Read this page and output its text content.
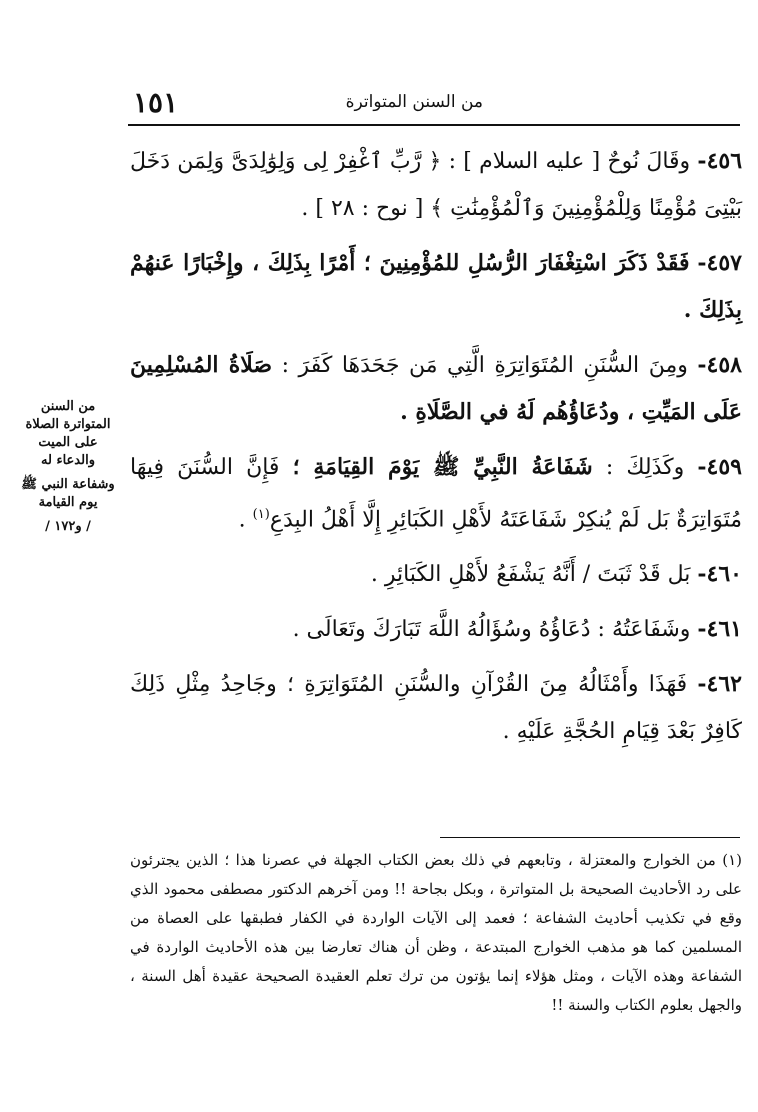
١٥١	من السنن المتواترة

٤٥٦- وقَالَ نُوحٌ [ عليه السلام ] : ﴿ رَّبِّ ٱغْفِرْ لِى وَلِوَٰلِدَىَّ وَلِمَن دَخَلَ بَيْتِىَ مُؤْمِنًا وَلِلْمُؤْمِنِينَ وَٱلْمُؤْمِنَٰتِ ﴾ [ نوح : ٢٨ ] .

٤٥٧- فَقَدْ ذَكَرَ اسْتِغْفَارَ الرُّسُلِ للمُؤْمِنِينَ ؛ أَمْرًا بِذَلِكَ ، وإِخْبَارًا عَنهُمْ بِذَلِكَ .

٤٥٨- ومِنَ السُّنَنِ المُتَوَاتِرَةِ الَّتِي مَن جَحَدَهَا كَفَرَ : صَلَاةُ المُسْلِمِينَ عَلَى المَيِّتِ ، ودُعَاؤُهُم لَهُ في الصَّلَاةِ .

٤٥٩- وكَذَلِكَ : شَفَاعَةُ النَّبِيِّ ﷺ يَوْمَ القِيَامَةِ ؛ فَإِنَّ السُّنَنَ فِيهَا مُتَوَاتِرَةٌ بَل لَمْ يُنكِرْ شَفَاعَتَهُ لأَهْلِ الكَبَائِرِ إِلَّا أَهْلُ البِدَعِ$^{(١)}$ .

٤٦٠- بَل قَدْ ثَبَتَ / أَنَّهُ يَشْفَعُ لأَهْلِ الكَبَائِرِ .

٤٦١- وشَفَاعَتُهُ : دُعَاؤُهُ وسُؤَالُهُ اللَّهَ تَبَارَكَ وتَعَالَى .

٤٦٢- فَهَذَا وأَمْثَالُهُ مِنَ القُرْآنِ والسُّنَنِ المُتَوَاتِرَةِ ؛ وجَاحِدُ مِثْلِ ذَلِكَ كَافِرٌ بَعْدَ قِيَامِ الحُجَّةِ عَلَيْهِ .

من السنن المتواترة الصلاة على الميت والدعاء له

وشفاعة النبي ﷺ يوم القيامة

/ و١٧٢ /

(١) من الخوارج والمعتزلة ، وتابعهم في ذلك بعض الكتاب الجهلة في عصرنا هذا ؛ الذين يجترئون على رد الأحاديث الصحيحة بل المتواترة ، وبكل بجاحة !! ومن آخرهم الدكتور مصطفى محمود الذي وقع في تكذيب أحاديث الشفاعة ؛ فعمد إلى الآيات الواردة في الكفار فطبقها على العصاة من المسلمين كما هو مذهب الخوارج المبتدعة ، وظن أن هناك تعارضا بين هذه الأحاديث الواردة في الشفاعة وهذه الآيات ، ومثل هؤلاء إنما يؤتون من ترك تعلم العقيدة الصحيحة عقيدة أهل السنة ، والجهل بعلوم الكتاب والسنة !!
